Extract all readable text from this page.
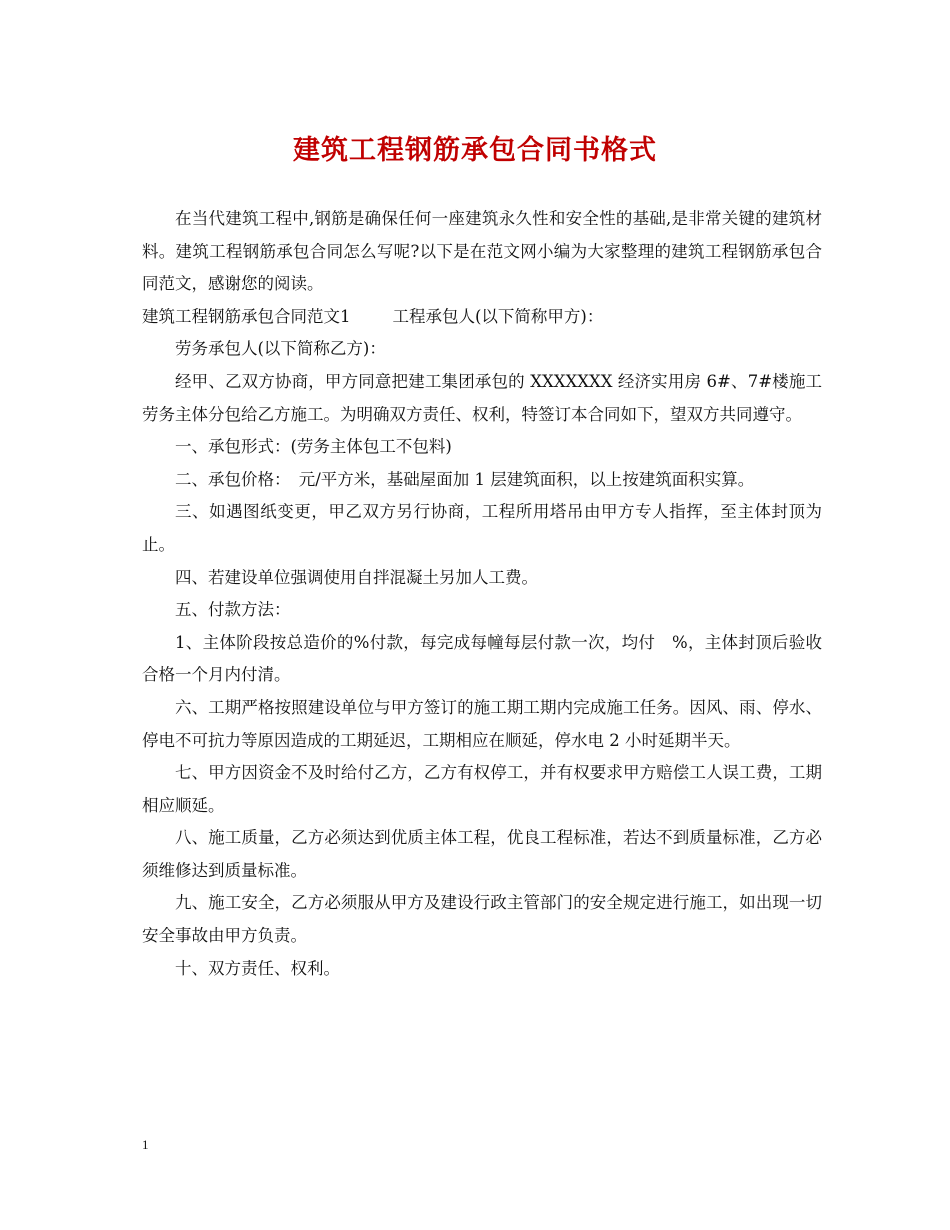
建筑工程钢筋承包合同书格式

在当代建筑工程中,钢筋是确保任何一座建筑永久性和安全性的基础,是非常关键的建筑材料。建筑工程钢筋承包合同怎么写呢?以下是在范文网小编为大家整理的建筑工程钢筋承包合同范文，感谢您的阅读。

建筑工程钢筋承包合同范文1	工程承包人(以下简称甲方)：

劳务承包人(以下简称乙方)：

经甲、乙双方协商，甲方同意把建工集团承包的 XXXXXXX 经济实用房 6#、7#楼施工劳务主体分包给乙方施工。为明确双方责任、权利，特签订本合同如下，望双方共同遵守。

一、承包形式：(劳务主体包工不包料)

二、承包价格：　元/平方米，基础屋面加 1 层建筑面积，以上按建筑面积实算。

三、如遇图纸变更，甲乙双方另行协商，工程所用塔吊由甲方专人指挥，至主体封顶为止。

四、若建设单位强调使用自拌混凝土另加人工费。

五、付款方法：

1、主体阶段按总造价的%付款，每完成每幢每层付款一次，均付　%，主体封顶后验收合格一个月内付清。

六、工期严格按照建设单位与甲方签订的施工期工期内完成施工任务。因风、雨、停水、停电不可抗力等原因造成的工期延迟，工期相应在顺延，停水电 2 小时延期半天。

七、甲方因资金不及时给付乙方，乙方有权停工，并有权要求甲方赔偿工人误工费，工期相应顺延。

八、施工质量，乙方必须达到优质主体工程，优良工程标准，若达不到质量标准，乙方必须维修达到质量标准。

九、施工安全，乙方必须服从甲方及建设行政主管部门的安全规定进行施工，如出现一切安全事故由甲方负责。

十、双方责任、权利。

1
